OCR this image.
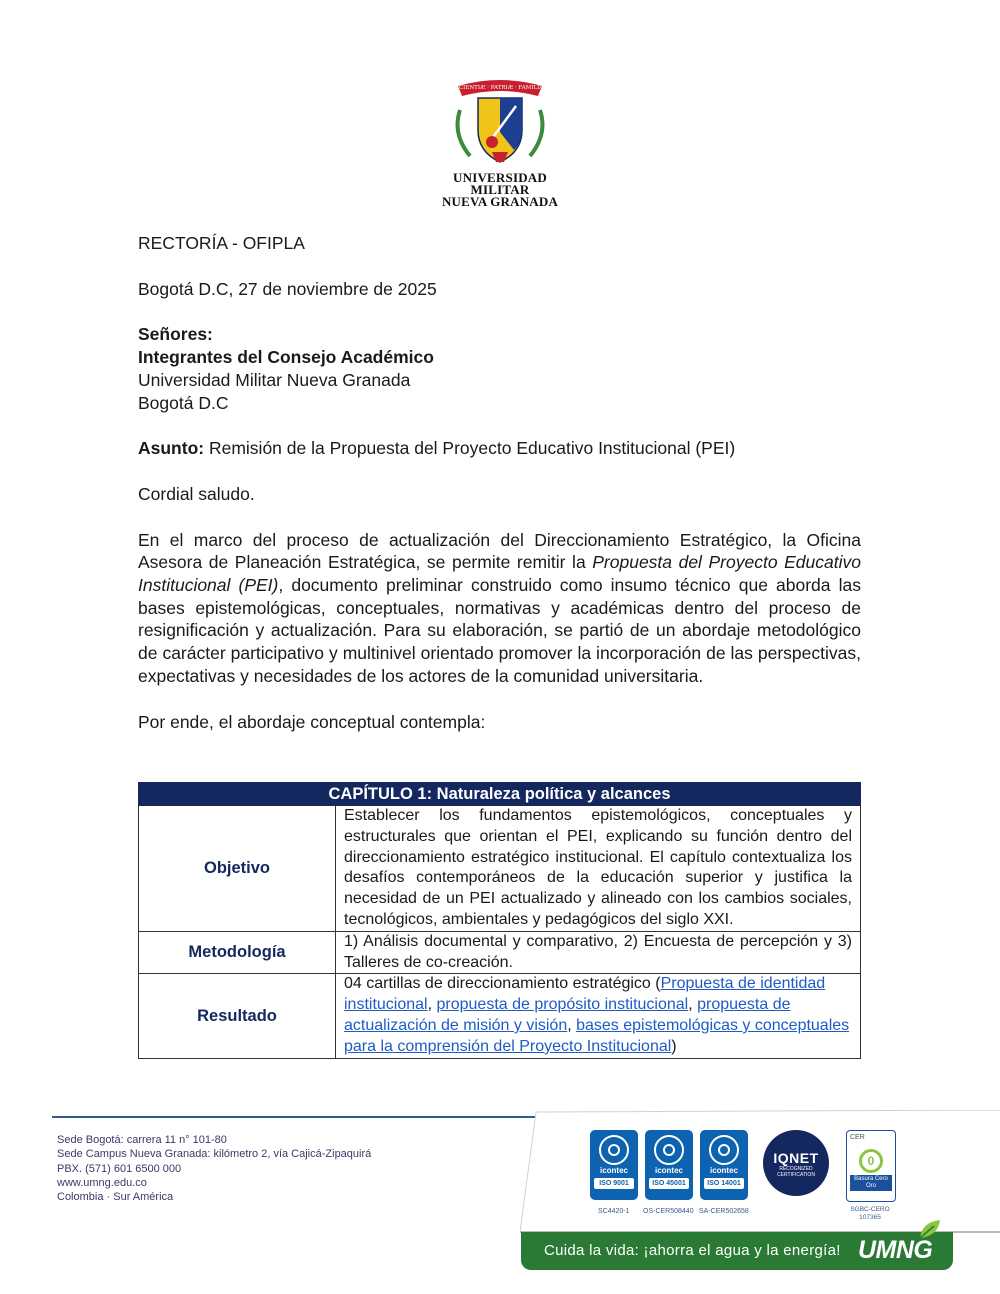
SCIENTIÆ · PATRIÆ · FAMILIÆ
UNIVERSIDAD MILITAR
NUEVA GRANADA

RECTORÍA - OFIPLA

Bogotá D.C, 27 de noviembre de 2025

Señores:

Integrantes del Consejo Académico

Universidad Militar Nueva Granada

Bogotá D.C

Asunto: Remisión de la Propuesta del Proyecto Educativo Institucional (PEI)

Cordial saludo.

En el marco del proceso de actualización del Direccionamiento Estratégico, la Oficina Asesora de Planeación Estratégica, se permite remitir la Propuesta del Proyecto Educativo Institucional (PEI), documento preliminar construido como insumo técnico que aborda las bases epistemológicas, conceptuales, normativas y académicas dentro del proceso de resignificación y actualización. Para su elaboración, se partió de un abordaje metodológico de carácter participativo y multinivel orientado promover la incorporación de las perspectivas, expectativas y necesidades de los actores de la comunidad universitaria.

Por ende, el abordaje conceptual contempla:

CAPÍTULO 1: Naturaleza política y alcances	
Objetivo	Establecer los fundamentos epistemológicos, conceptuales y estructurales que orientan el PEI, explicando su función dentro del direccionamiento estratégico institucional. El capítulo contextualiza los desafíos contemporáneos de la educación superior y justifica la necesidad de un PEI actualizado y alineado con los cambios sociales, tecnológicos, ambientales y pedagógicos del siglo XXI.
Metodología	1) Análisis documental y comparativo, 2) Encuesta de percepción y 3) Talleres de co-creación.
Resultado	04 cartillas de direccionamiento estratégico (Propuesta de identidad institucional, propuesta de propósito institucional, propuesta de actualización de misión y visión, bases epistemológicas y conceptuales para la comprensión del Proyecto Institucional)
Sede Bogotá: carrera 11 n° 101-80
Sede Campus Nueva Granada: kilómetro 2, vía Cajicá-Zipaquirá
PBX. (571) 601 6500 000
www.umng.edu.co
Colombia · Sur América
icontec
ISO 9001
icontec
ISO 45001
icontec
ISO 14001
SC4420-1 OS-CER508440 SA-CER502658
IQNET
RECOGNIZED CERTIFICATION
CER
0
Basura Cero Oro
SGBC-CERO 107365
Cuida la vida: ¡ahorra el agua y la energía! UMNG
